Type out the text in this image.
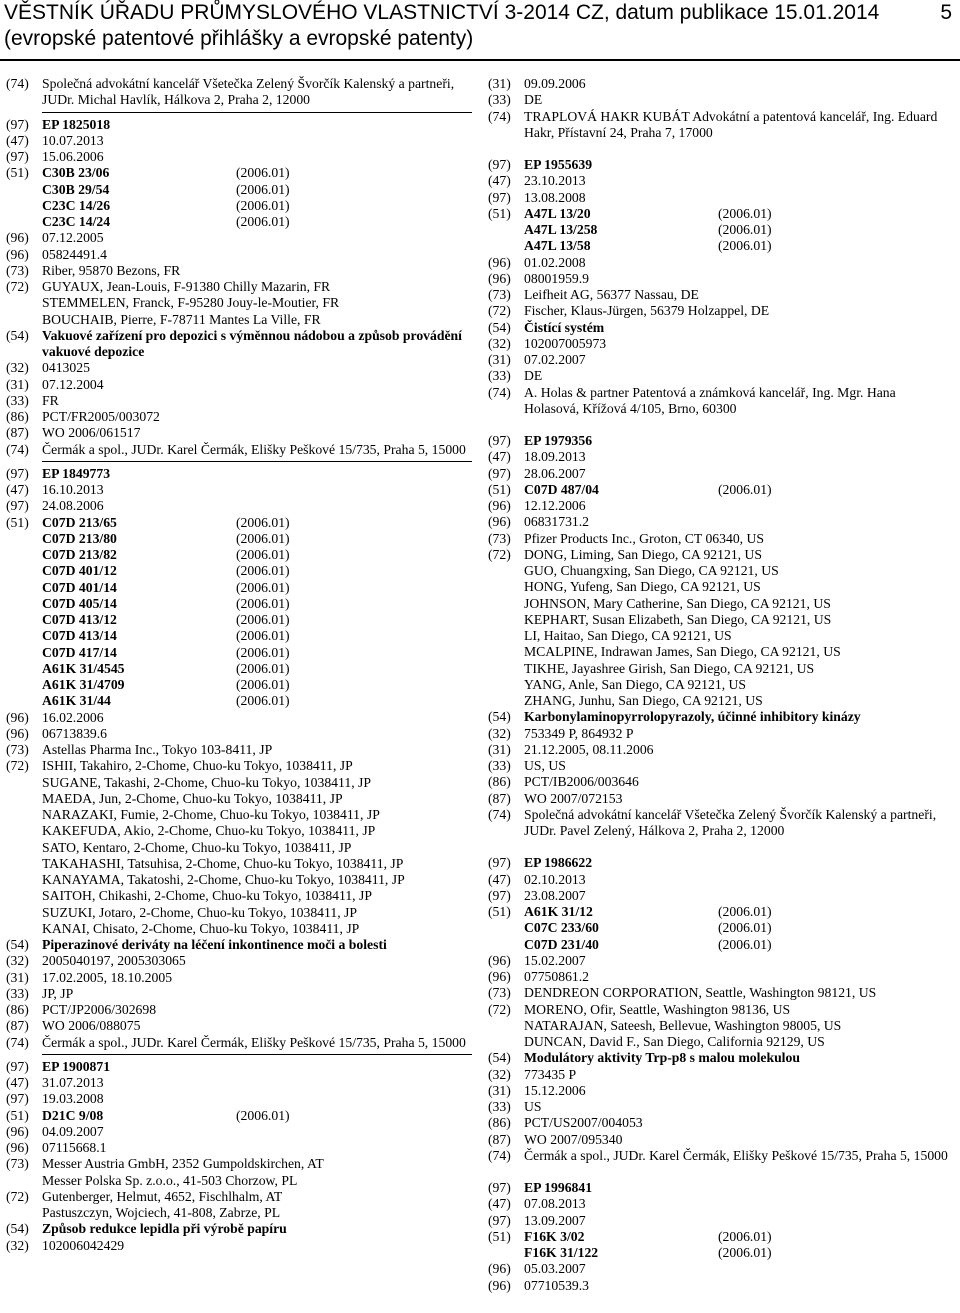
VĚSTNÍK ÚŘADU PRŮMYSLOVÉHO VLASTNICTVÍ 3-2014 CZ, datum publikace 15.01.2014
(evropské patentové přihlášky a evropské patenty)
5
(74) Společná advokátní kancelář Všetečka Zelený Švorčík Kalenský a partneři, JUDr. Michal Havlík, Hálkova 2, Praha 2, 12000
(97) EP 1825018
(47) 10.07.2013
(97) 15.06.2006
(51) C30B 23/06	(2006.01)
C30B 29/54	(2006.01)
C23C 14/26	(2006.01)
C23C 14/24	(2006.01)
(96) 07.12.2005
(96) 05824491.4
(73) Riber, 95870 Bezons, FR
(72) GUYAUX, Jean-Louis, F-91380 Chilly Mazarin, FR
STEMMELEN, Franck, F-95280 Jouy-le-Moutier, FR
BOUCHAIB, Pierre, F-78711 Mantes La Ville, FR
(54) Vakuové zařízení pro depozici s výměnnou nádobou a způsob provádění vakuové depozice
(32) 0413025
(31) 07.12.2004
(33) FR
(86) PCT/FR2005/003072
(87) WO 2006/061517
(74) Čermák a spol., JUDr. Karel Čermák, Elišky Peškové 15/735, Praha 5, 15000
(97) EP 1849773
(47) 16.10.2013
(97) 24.08.2006
(51) C07D 213/65	(2006.01)
C07D 213/80	(2006.01)
C07D 213/82	(2006.01)
C07D 401/12	(2006.01)
C07D 401/14	(2006.01)
C07D 405/14	(2006.01)
C07D 413/12	(2006.01)
C07D 413/14	(2006.01)
C07D 417/14	(2006.01)
A61K 31/4545	(2006.01)
A61K 31/4709	(2006.01)
A61K 31/44	(2006.01)
(96) 16.02.2006
(96) 06713839.6
(73) Astellas Pharma Inc., Tokyo 103-8411, JP
(72) ISHII, Takahiro, 2-Chome, Chuo-ku Tokyo, 1038411, JP
SUGANE, Takashi, 2-Chome, Chuo-ku Tokyo, 1038411, JP
MAEDA, Jun, 2-Chome, Chuo-ku Tokyo, 1038411, JP
NARAZAKI, Fumie, 2-Chome, Chuo-ku Tokyo, 1038411, JP
KAKEFUDA, Akio, 2-Chome, Chuo-ku Tokyo, 1038411, JP
SATO, Kentaro, 2-Chome, Chuo-ku Tokyo, 1038411, JP
TAKAHASHI, Tatsuhisa, 2-Chome, Chuo-ku Tokyo, 1038411, JP
KANAYAMA, Takatoshi, 2-Chome, Chuo-ku Tokyo, 1038411, JP
SAITOH, Chikashi, 2-Chome, Chuo-ku Tokyo, 1038411, JP
SUZUKI, Jotaro, 2-Chome, Chuo-ku Tokyo, 1038411, JP
KANAI, Chisato, 2-Chome, Chuo-ku Tokyo, 1038411, JP
(54) Piperazinové deriváty na léčení inkontinence moči a bolesti
(32) 2005040197, 2005303065
(31) 17.02.2005, 18.10.2005
(33) JP, JP
(86) PCT/JP2006/302698
(87) WO 2006/088075
(74) Čermák a spol., JUDr. Karel Čermák, Elišky Peškové 15/735, Praha 5, 15000
(97) EP 1900871
(47) 31.07.2013
(97) 19.03.2008
(51) D21C 9/08	(2006.01)
(96) 04.09.2007
(96) 07115668.1
(73) Messer Austria GmbH, 2352 Gumpoldskirchen, AT
Messer Polska Sp. z.o.o., 41-503 Chorzow, PL
(72) Gutenberger, Helmut, 4652, Fischlhalm, AT
Pastuszczyn, Wojciech, 41-808, Zabrze, PL
(54) Způsob redukce lepidla při výrobě papíru
(32) 102006042429
(31) 09.09.2006
(33) DE
(74) TRAPLOVÁ HAKR KUBÁT Advokátní a patentová kancelář, Ing. Eduard Hakr, Přístavní 24, Praha 7, 17000
(97) EP 1955639
(47) 23.10.2013
(97) 13.08.2008
(51) A47L 13/20	(2006.01)
A47L 13/258	(2006.01)
A47L 13/58	(2006.01)
(96) 01.02.2008
(96) 08001959.9
(73) Leifheit AG, 56377 Nassau, DE
(72) Fischer, Klaus-Jürgen, 56379 Holzappel, DE
(54) Čistící systém
(32) 102007005973
(31) 07.02.2007
(33) DE
(74) A. Holas & partner Patentová a známková kancelář, Ing. Mgr. Hana Holasová, Křížová 4/105, Brno, 60300
(97) EP 1979356
(47) 18.09.2013
(97) 28.06.2007
(51) C07D 487/04	(2006.01)
(96) 12.12.2006
(96) 06831731.2
(73) Pfizer Products Inc., Groton, CT 06340, US
(72) DONG, Liming, San Diego, CA 92121, US
GUO, Chuangxing, San Diego, CA 92121, US
HONG, Yufeng, San Diego, CA 92121, US
JOHNSON, Mary Catherine, San Diego, CA 92121, US
KEPHART, Susan Elizabeth, San Diego, CA 92121, US
LI, Haitao, San Diego, CA 92121, US
MCALPINE, Indrawan James, San Diego, CA 92121, US
TIKHE, Jayashree Girish, San Diego, CA 92121, US
YANG, Anle, San Diego, CA 92121, US
ZHANG, Junhu, San Diego, CA 92121, US
(54) Karbonylaminopyrrolopyrazoly, účinné inhibitory kinázy
(32) 753349 P, 864932 P
(31) 21.12.2005, 08.11.2006
(33) US, US
(86) PCT/IB2006/003646
(87) WO 2007/072153
(74) Společná advokátní kancelář Všetečka Zelený Švorčík Kalenský a partneři, JUDr. Pavel Zelený, Hálkova 2, Praha 2, 12000
(97) EP 1986622
(47) 02.10.2013
(97) 23.08.2007
(51) A61K 31/12	(2006.01)
C07C 233/60	(2006.01)
C07D 231/40	(2006.01)
(96) 15.02.2007
(96) 07750861.2
(73) DENDREON CORPORATION, Seattle, Washington 98121, US
(72) MORENO, Ofir, Seattle, Washington 98136, US
NATARAJAN, Sateesh, Bellevue, Washington 98005, US
DUNCAN, David F., San Diego, California 92129, US
(54) Modulátory aktivity Trp-p8 s malou molekulou
(32) 773435 P
(31) 15.12.2006
(33) US
(86) PCT/US2007/004053
(87) WO 2007/095340
(74) Čermák a spol., JUDr. Karel Čermák, Elišky Peškové 15/735, Praha 5, 15000
(97) EP 1996841
(47) 07.08.2013
(97) 13.09.2007
(51) F16K 3/02	(2006.01)
F16K 31/122	(2006.01)
(96) 05.03.2007
(96) 07710539.3
